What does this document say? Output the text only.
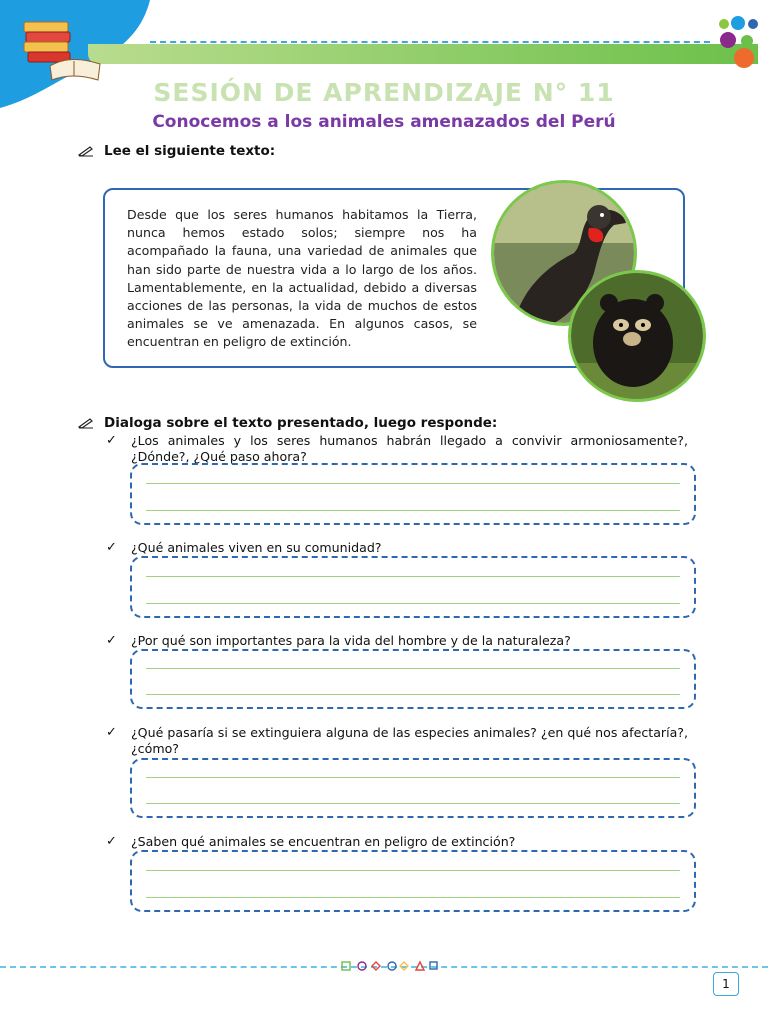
SESIÓN DE APRENDIZAJE N° 11
Conocemos a los animales amenazados del Perú
Lee el siguiente texto:

Desde que los seres humanos habitamos la Tierra, nunca hemos estado solos; siempre nos ha acompañado la fauna, una variedad de animales que han sido parte de nuestra vida a lo largo de los años. Lamentablemente, en la actualidad, debido a diversas acciones de las personas, la vida de muchos de estos animales se ve amenazada. En algunos casos, se encuentran en peligro de extinción.

Dialoga sobre el texto presentado, luego responde:
✓	¿Los animales y los seres humanos habrán llegado a convivir armoniosamente?, ¿Dónde?, ¿Qué paso ahora?
✓	¿Qué animales viven en su comunidad?
✓	¿Por qué son importantes para la vida del hombre y de la naturaleza?
✓	¿Qué pasaría si se extinguiera alguna de las especies animales? ¿en qué nos afectaría?, ¿cómo?
✓	¿Saben qué animales se encuentran en peligro de extinción?
1
